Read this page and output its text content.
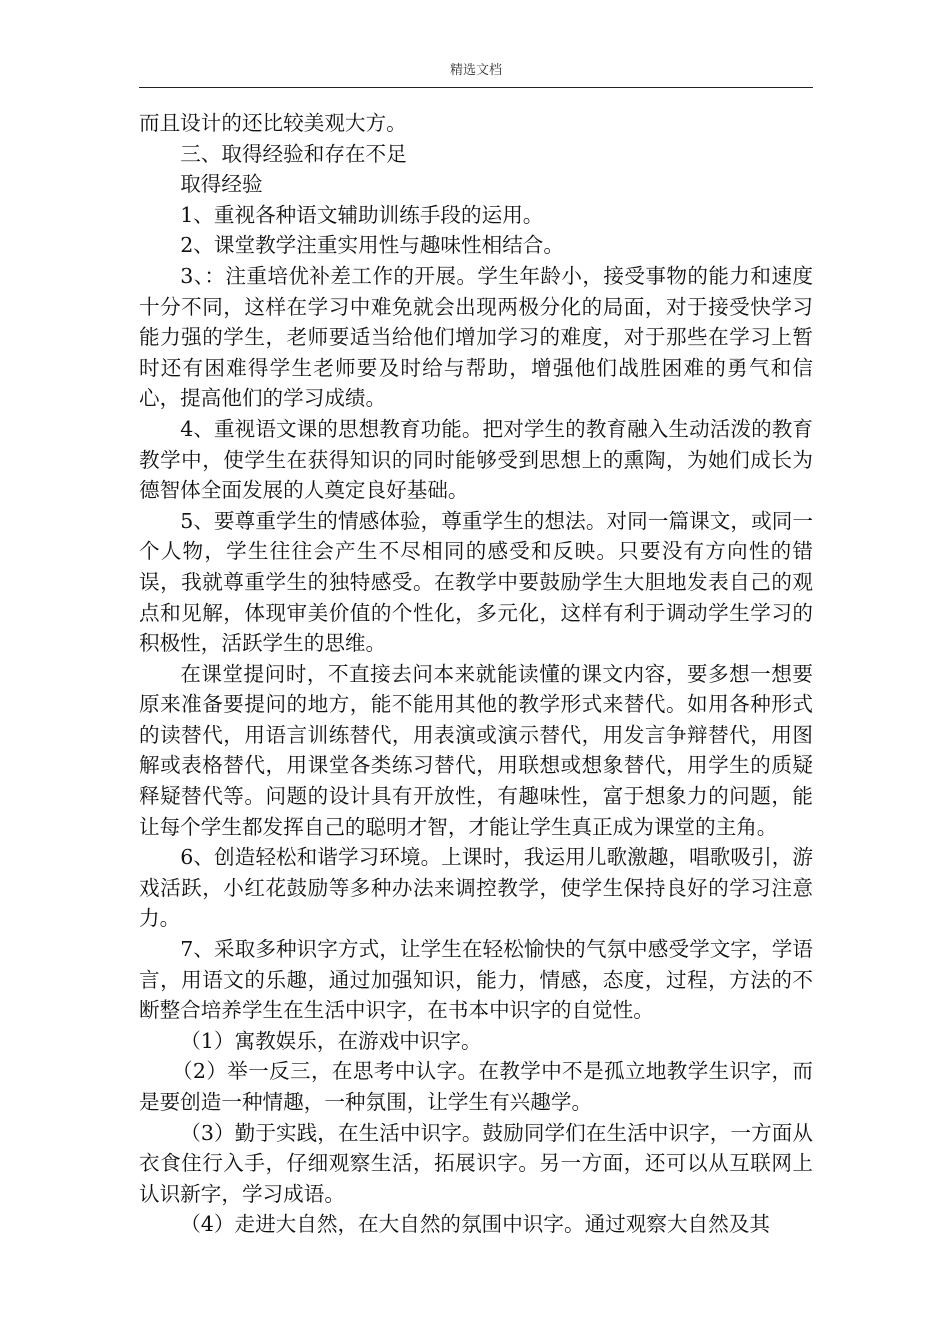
精选文档

而且设计的还比较美观大方。

三、取得经验和存在不足

取得经验

1、重视各种语文辅助训练手段的运用。

2、课堂教学注重实用性与趣味性相结合。

3、：注重培优补差工作的开展。学生年龄小，接受事物的能力和速度十分不同，这样在学习中难免就会出现两极分化的局面，对于接受快学习能力强的学生，老师要适当给他们增加学习的难度，对于那些在学习上暂时还有困难得学生老师要及时给与帮助，增强他们战胜困难的勇气和信心，提高他们的学习成绩。

4、重视语文课的思想教育功能。把对学生的教育融入生动活泼的教育教学中，使学生在获得知识的同时能够受到思想上的熏陶，为她们成长为德智体全面发展的人奠定良好基础。

5、要尊重学生的情感体验，尊重学生的想法。对同一篇课文，或同一个人物，学生往往会产生不尽相同的感受和反映。只要没有方向性的错误，我就尊重学生的独特感受。在教学中要鼓励学生大胆地发表自己的观点和见解，体现审美价值的个性化，多元化，这样有利于调动学生学习的积极性，活跃学生的思维。

在课堂提问时，不直接去问本来就能读懂的课文内容，要多想一想要原来准备要提问的地方，能不能用其他的教学形式来替代。如用各种形式的读替代，用语言训练替代，用表演或演示替代，用发言争辩替代，用图解或表格替代，用课堂各类练习替代，用联想或想象替代，用学生的质疑释疑替代等。问题的设计具有开放性，有趣味性，富于想象力的问题，能让每个学生都发挥自己的聪明才智，才能让学生真正成为课堂的主角。

6、创造轻松和谐学习环境。上课时，我运用儿歌激趣，唱歌吸引，游戏活跃，小红花鼓励等多种办法来调控教学，使学生保持良好的学习注意力。

7、采取多种识字方式，让学生在轻松愉快的气氛中感受学文字，学语言，用语文的乐趣，通过加强知识，能力，情感，态度，过程，方法的不断整合培养学生在生活中识字，在书本中识字的自觉性。

（1）寓教娱乐，在游戏中识字。

（2）举一反三，在思考中认字。在教学中不是孤立地教学生识字，而是要创造一种情趣，一种氛围，让学生有兴趣学。

（3）勤于实践，在生活中识字。鼓励同学们在生活中识字，一方面从衣食住行入手，仔细观察生活，拓展识字。另一方面，还可以从互联网上认识新字，学习成语。

（4）走进大自然，在大自然的氛围中识字。通过观察大自然及其
